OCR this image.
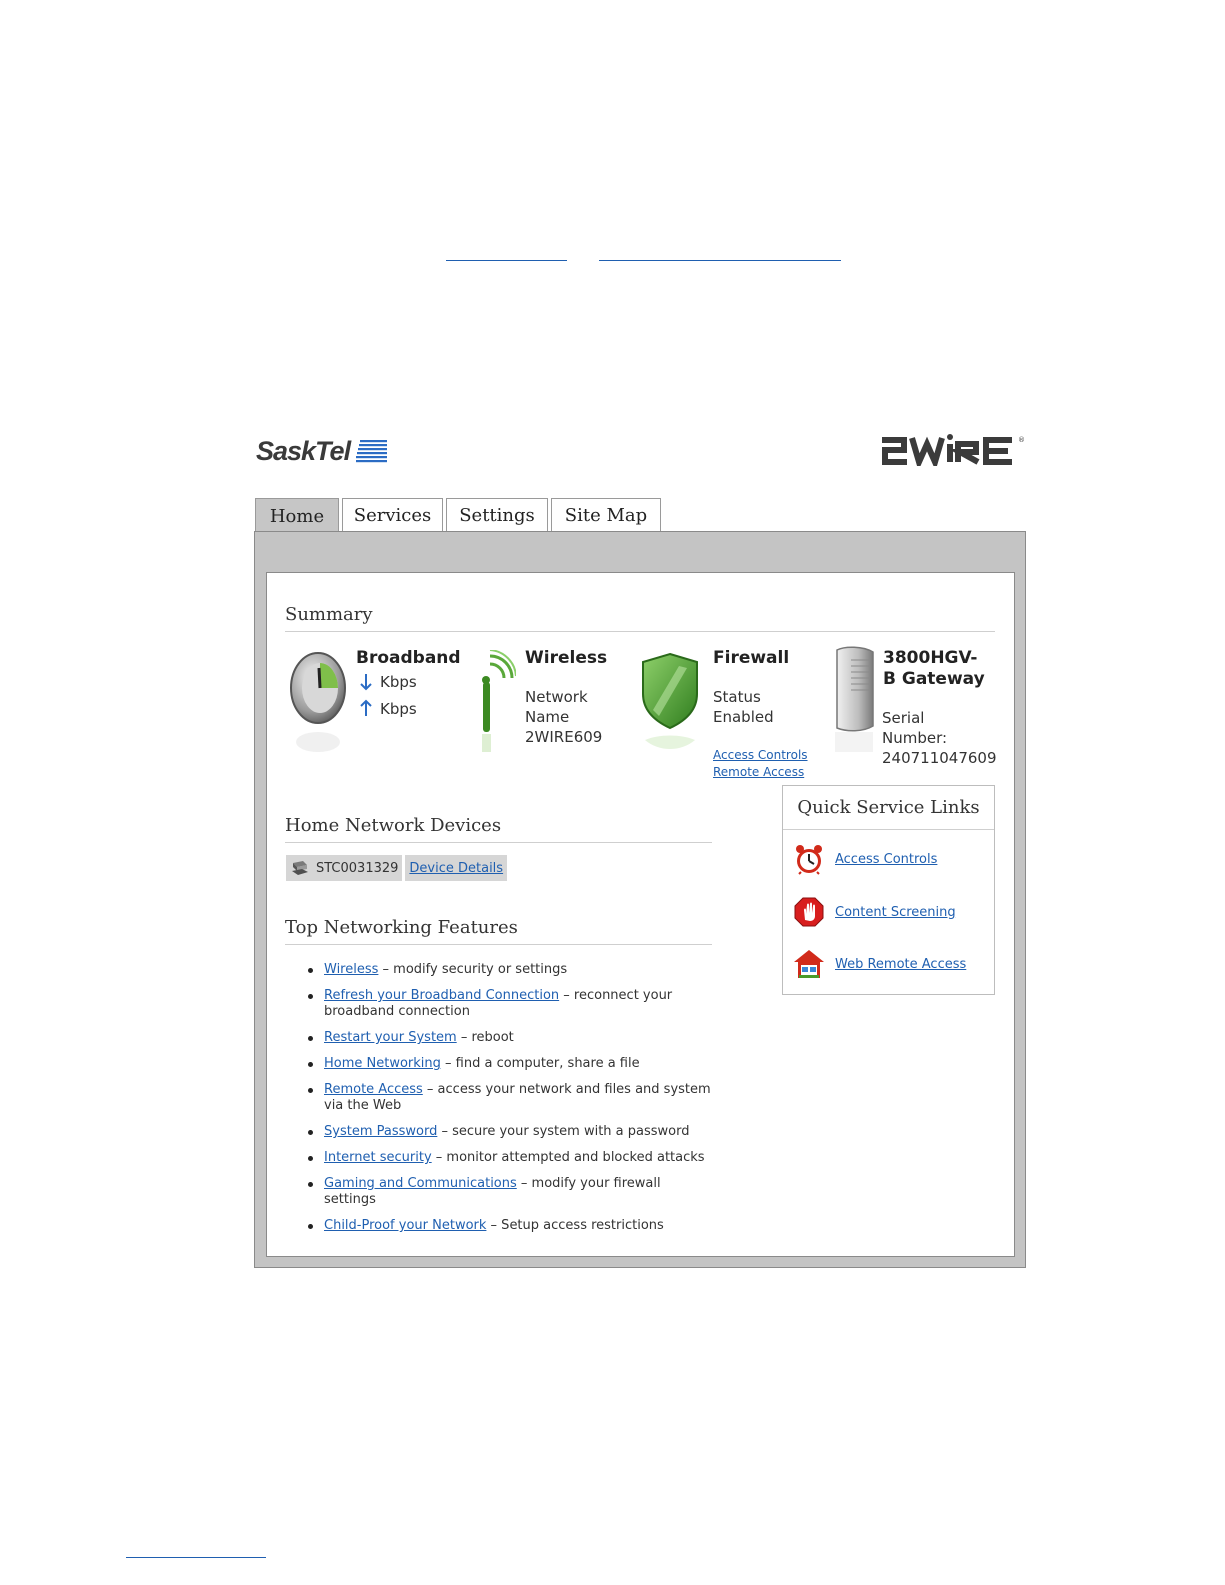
SaskTel	®
Home	Services	Settings	Site Map
Summary
Broadband
Kbps
Kbps
Wireless
Network
Name
2WIRE609
Firewall
Status
Enabled
Access Controls
Remote Access
3800HGV-
B Gateway
Serial
Number:
240711047609
Home Network Devices
STC0031329 Device Details
Top Networking Features
Wireless – modify security or settings
Refresh your Broadband Connection – reconnect your broadband connection
Restart your System – reboot
Home Networking – find a computer, share a file
Remote Access – access your network and files and system via the Web
System Password – secure your system with a password
Internet security – monitor attempted and blocked attacks
Gaming and Communications – modify your firewall settings
Child-Proof your Network – Setup access restrictions
Quick Service Links
Access Controls
Content Screening
Web Remote Access
